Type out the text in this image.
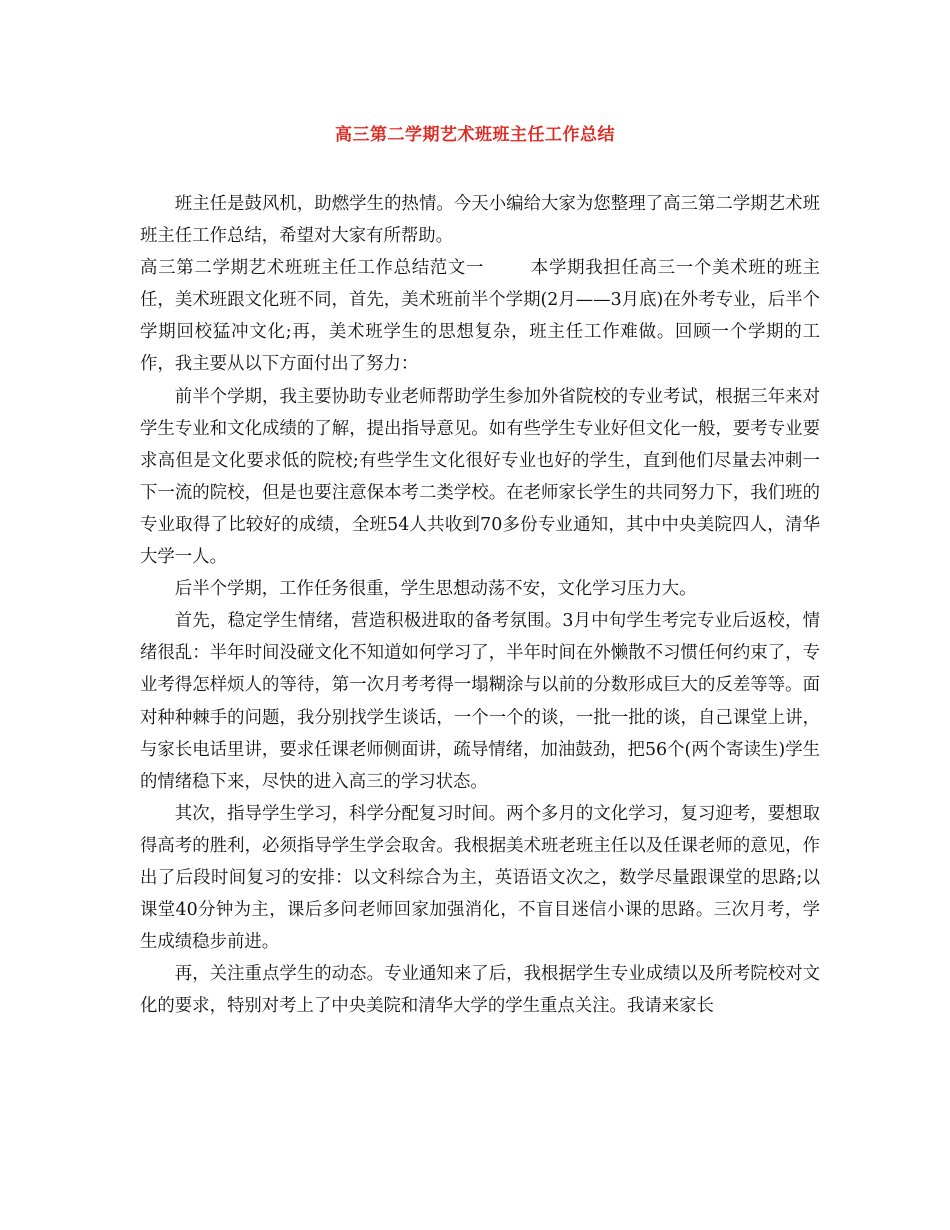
高三第二学期艺术班班主任工作总结

班主任是鼓风机，助燃学生的热情。今天小编给大家为您整理了高三第二学期艺术班班主任工作总结，希望对大家有所帮助。

高三第二学期艺术班班主任工作总结范文一	本学期我担任高三一个美术班的班主任，美术班跟文化班不同，首先，美术班前半个学期(2月——3月底)在外考专业，后半个学期回校猛冲文化;再，美术班学生的思想复杂，班主任工作难做。回顾一个学期的工作，我主要从以下方面付出了努力：

前半个学期，我主要协助专业老师帮助学生参加外省院校的专业考试，根据三年来对学生专业和文化成绩的了解，提出指导意见。如有些学生专业好但文化一般，要考专业要求高但是文化要求低的院校;有些学生文化很好专业也好的学生，直到他们尽量去冲刺一下一流的院校，但是也要注意保本考二类学校。在老师家长学生的共同努力下，我们班的专业取得了比较好的成绩，全班54人共收到70多份专业通知，其中中央美院四人，清华大学一人。

后半个学期，工作任务很重，学生思想动荡不安，文化学习压力大。

首先，稳定学生情绪，营造积极进取的备考氛围。3月中旬学生考完专业后返校，情绪很乱：半年时间没碰文化不知道如何学习了，半年时间在外懒散不习惯任何约束了，专业考得怎样烦人的等待，第一次月考考得一塌糊涂与以前的分数形成巨大的反差等等。面对种种棘手的问题，我分别找学生谈话，一个一个的谈，一批一批的谈，自己课堂上讲，与家长电话里讲，要求任课老师侧面讲，疏导情绪，加油鼓劲，把56个(两个寄读生)学生的情绪稳下来，尽快的进入高三的学习状态。

其次，指导学生学习，科学分配复习时间。两个多月的文化学习，复习迎考，要想取得高考的胜利，必须指导学生学会取舍。我根据美术班老班主任以及任课老师的意见，作出了后段时间复习的安排：以文科综合为主，英语语文次之，数学尽量跟课堂的思路;以课堂40分钟为主，课后多问老师回家加强消化，不盲目迷信小课的思路。三次月考，学生成绩稳步前进。

再，关注重点学生的动态。专业通知来了后，我根据学生专业成绩以及所考院校对文化的要求，特别对考上了中央美院和清华大学的学生重点关注。我请来家长
